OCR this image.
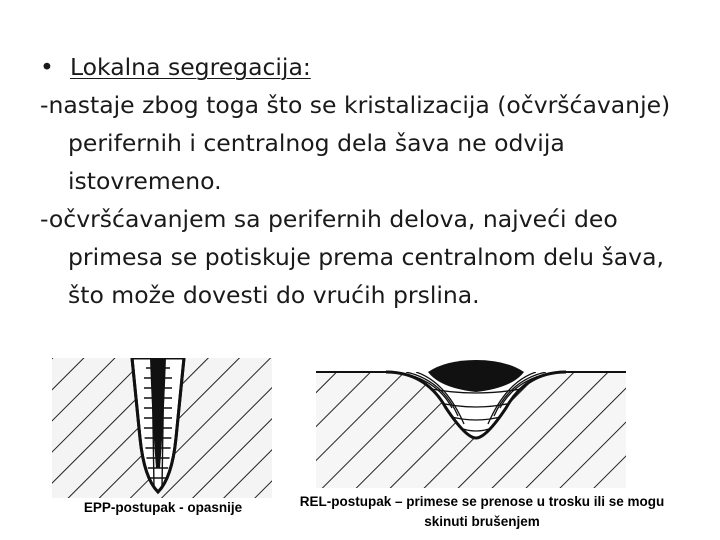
• Lokalna segregacija:

-nastaje zbog toga što se kristalizacija (očvršćavanje) perifernih i centralnog dela šava ne odvija istovremeno.

-očvršćavanjem sa perifernih delova, najveći deo primesa se potiskuje prema centralnom delu šava, što može dovesti do vrućih prslina.

EPP-postupak - opasnije	REL-postupak – primese se prenose u trosku ili se mogu skinuti brušenjem
